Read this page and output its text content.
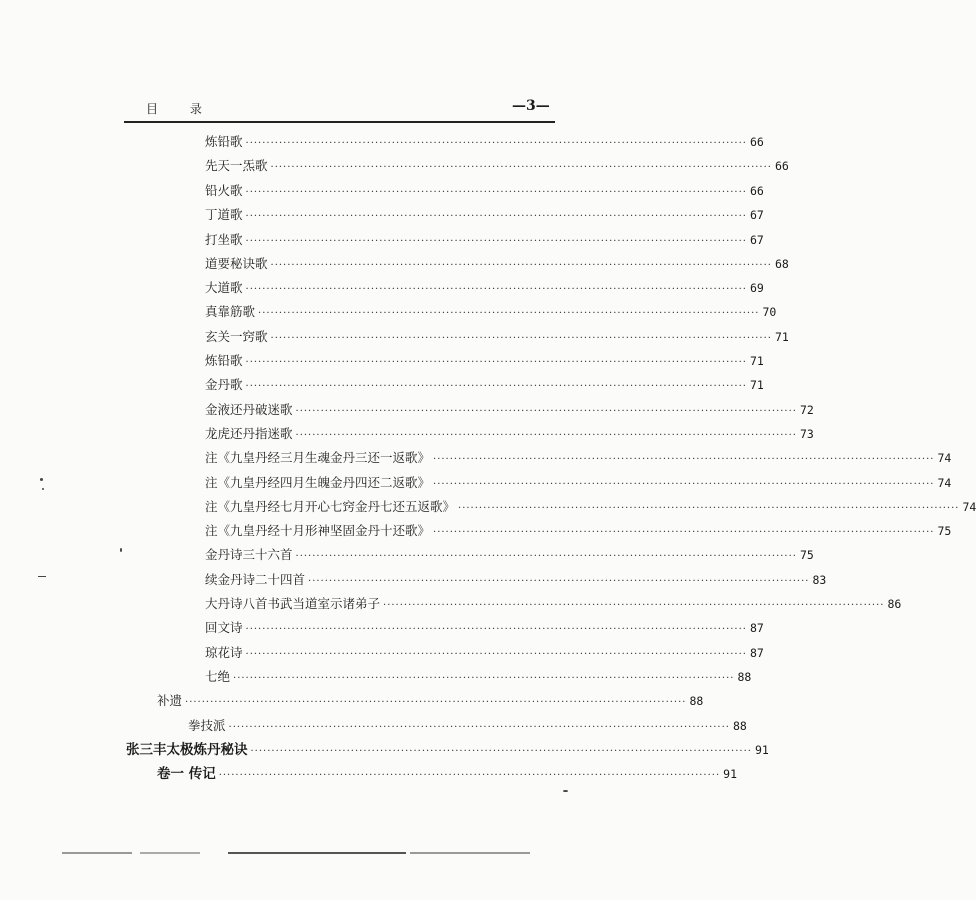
目 录	—3—
炼铅歌 ························································································································ 66
先天一炁歌 ························································································································ 66
铅火歌 ························································································································ 66
丁道歌 ························································································································ 67
打坐歌 ························································································································ 67
道要秘诀歌 ························································································································ 68
大道歌 ························································································································ 69
真靠筋歌 ························································································································ 70
玄关一窍歌 ························································································································ 71
炼铅歌 ························································································································ 71
金丹歌 ························································································································ 71
金液还丹破迷歌 ························································································································ 72
龙虎还丹指迷歌 ························································································································ 73
注《九皇丹经三月生魂金丹三还一返歌》 ························································································································ 74
注《九皇丹经四月生魄金丹四还二返歌》 ························································································································ 74
注《九皇丹经七月开心七窍金丹七还五返歌》 ························································································································ 74
注《九皇丹经十月形神坚固金丹十还歌》 ························································································································ 75
金丹诗三十六首 ························································································································ 75
续金丹诗二十四首 ························································································································ 83
大丹诗八首书武当道室示诸弟子 ························································································································ 86
回文诗 ························································································································ 87
琼花诗 ························································································································ 87
七绝 ························································································································ 88
补遗 ························································································································ 88
拳技派 ························································································································ 88
张三丰太极炼丹秘诀 ························································································································ 91
卷一 传记 ························································································································ 91
